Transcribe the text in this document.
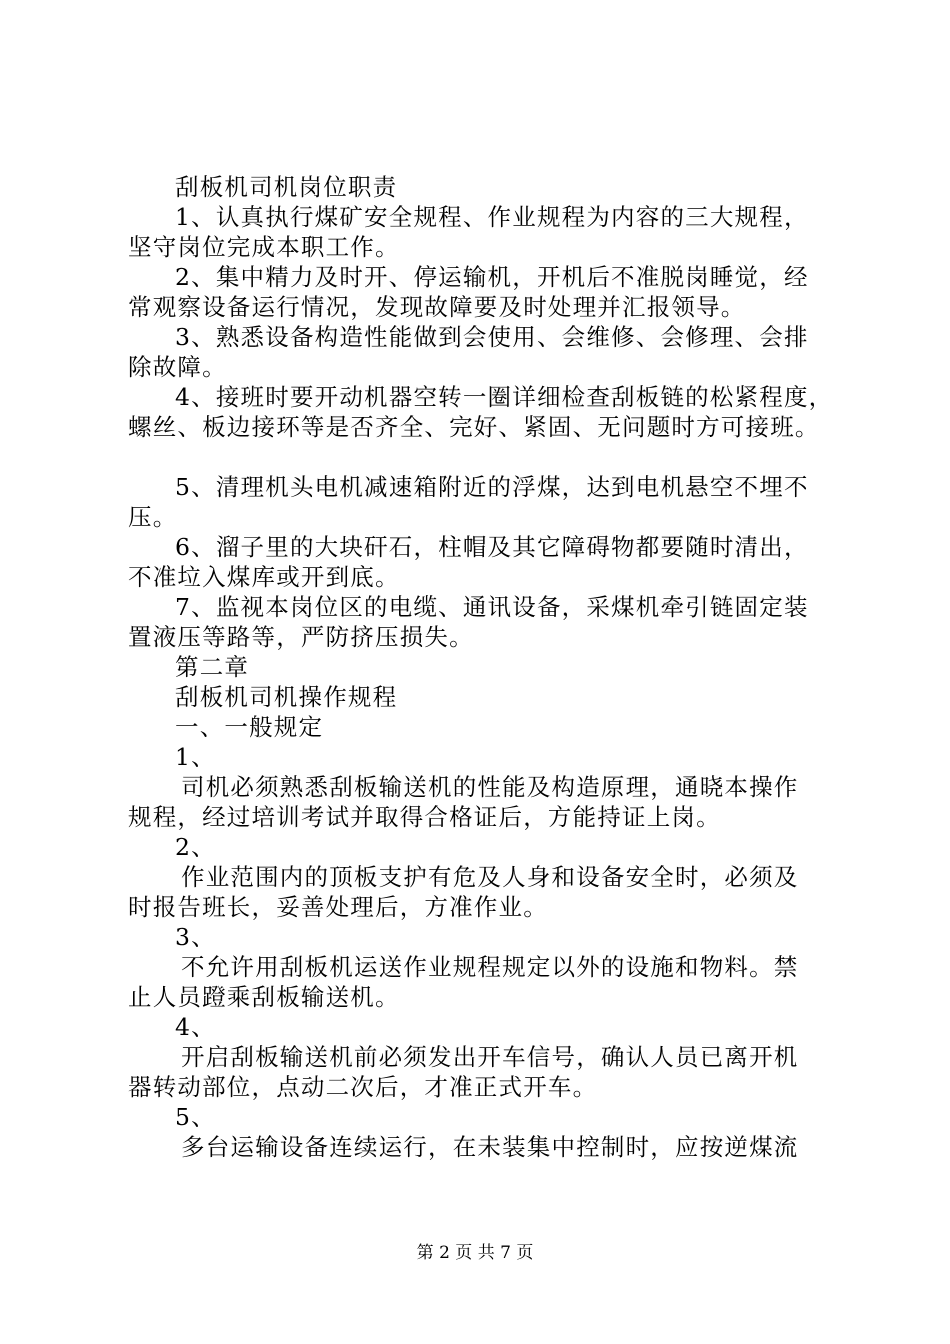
刮板机司机岗位职责
1、认真执行煤矿安全规程、作业规程为内容的三大规程，
坚守岗位完成本职工作。
2、集中精力及时开、停运输机，开机后不准脱岗睡觉，经
常观察设备运行情况，发现故障要及时处理并汇报领导。
3、熟悉设备构造性能做到会使用、会维修、会修理、会排
除故障。
4、接班时要开动机器空转一圈详细检查刮板链的松紧程度，
螺丝、板边接环等是否齐全、完好、紧固、无问题时方可接班。
5、清理机头电机减速箱附近的浮煤，达到电机悬空不埋不
压。
6、溜子里的大块矸石，柱帽及其它障碍物都要随时清出，
不准垃入煤库或开到底。
7、监视本岗位区的电缆、通讯设备，采煤机牵引链固定装
置液压等路等，严防挤压损失。
第二章
刮板机司机操作规程
一、一般规定
1、
司机必须熟悉刮板输送机的性能及构造原理，通晓本操作
规程，经过培训考试并取得合格证后，方能持证上岗。
2、
作业范围内的顶板支护有危及人身和设备安全时，必须及
时报告班长，妥善处理后，方准作业。
3、
不允许用刮板机运送作业规程规定以外的设施和物料。禁
止人员蹬乘刮板输送机。
4、
开启刮板输送机前必须发出开车信号，确认人员已离开机
器转动部位，点动二次后，才准正式开车。
5、
多台运输设备连续运行，在未装集中控制时，应按逆煤流
第 2 页 共 7 页
